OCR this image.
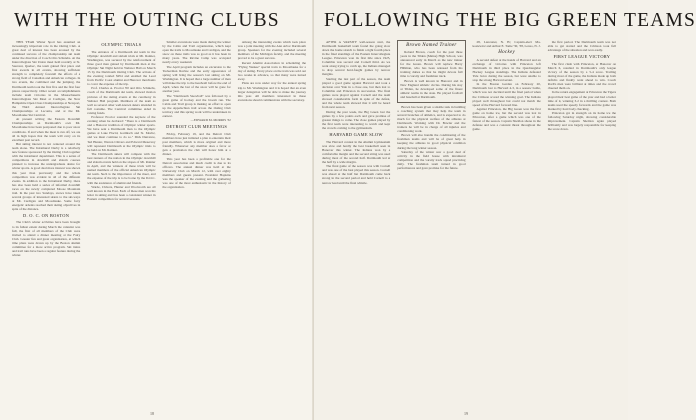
WITH THE OUTING CLUBS

THIS YEAR Winter Sport has assumed an increasingly important role in the Outing Club. A great deal of interest has been aroused by the continued success of the championship ski team under the direction of Coach Otto Schniebs. At the Intercollegiate Ski Union meet held recently at St. Sauveur, Quebec, the team gained first place and first awards in all events, showing sufficient strength to completely forestall the efforts of a strong field of Canadian and American colleges. In two events, the combined and the jumping, the Dartmouth team took the first five and the first four places respectively. Other recent accomplishments include team victories in the Massachusetts Intercollegiate Ski Meet at Cardigan, the New Hampshire Open Class Championships at Newport, the Third Annual Intercollegiate Ski Championships at Laconia, and at the Mt. Moosilauke Ski Carnival.

At present writing the Eastern Downhill Championships on Dartmouth's own Mt. Moosilauke have been postponed due to poor snow conditions. If and when the meet is run off, we are all in high hopes that the team will carry on its excellent past record.

But skiing interest is not centered around the team alone. The Intramural Derby is a relatively new feature sponsored by the Outing Club together with the intramural department. This is a series of competitions in downhill and slalom courses planned to increase the undergraduate desire for winter sports. A good deal more interest was shown this year than previously and the whole competition was evident in all of the different events. In addition to the Intramural Derby, there has also been held a series of informal downhill races on the newly completed Moose Mountain trail. In the past two Sundays, snows have taken several groups of interested skiers to the ski-ways at Mt. Cardigan and Moosilauke. Some forty energetic ardents reached their skiing objectives in spite of the distance.

D. O. C. ON BOSTON

The Club's winter activities have been brought to its fullest extent during March the calendar was full, the first of all members of the Club were invited to attend a dinner meeting at the Fairy Club. Greater fun and great organization, at which time plans were drawn up by the Boston alumni committee for a more active program. Ski trains and trail runs have been a regular feature during the winter.

OLYMPIC TRIALS

The entrance of a Dartmouth ski team in the Olympic downhill and slalom trials at Mt. Rainier, Washington, was secured by the reinforcement of three good men gained by Dartmouth men at the Olympic Ski Night held in Webster Hall on March 15 by the Dartmouth Outing Club. The actions of the evening totaled $954 and enabled the Lead from Pacific Coast alumni and Hanover merchants to cover the expense of the trip.

Prof. Charles A. Proctor '00 and Otto Schniebs, coach of the Dartmouth ski team, showed motion pictures of the skiing events at the ceremony in Webster Hall program. Members of the team as well as several other well-known skiers attended in full costume. The Carnival committee aided in raising funds.

Professor Proctor sounded the keynote of the evening when he declared: "There is a Dartmouth and a Hanover tradition of Olympic winter sports. We have sent a Dartmouth man to the Olympic games at Lake Placid, Garmisch and St. Moritz, and we must continue to do so." Dick Durrance, Ted Hunter, Warren Chivers and Edward Meservey will represent Dartmouth at the Olympic trials to be held on Mt. Rainier.

The Dartmouth skiers will compete with the best runners of the nation in the Olympic downhill and slalom events held on the slopes of Mt. Rainier in April, and the winners of these trials will be named members of the official American Olympic ski team. Such is the importance of the meet, and the expense of the trip is to be borne by the D.O.C. with the assistance of alumni and friends.

Warde, Chivers, Hunter and Woolworth are all well known in the East. Each of these men won his letter in skiing and has been a consistent winner in Eastern competition for several seasons.

Smaller excursions were made during the winter by the Cabin and Trail organization, which kept open the trails to Moosilauke and Cardigan, and the snow on these trails was as good as it has been in many years. The Ravine Camp was occupied nearly every weekend.

The April program includes an excursion to the Tuckerman Ravine and the early appearance of spring will bring the season's last skiing on Mt. Washington. It is hoped that a large number of men will make the trip to the headwall before the end of April, when the last of the snow will be gone for another year.

The "Dartmouth Snowball" was followed by a great game of hockey and the broom run. The Cabin and Trail group is making an effort to open up the Appalachian trail across the Outing Club territory and this spring work will be undertaken in earnest.

—EDWARD M. MORRIS '32
DETROIT CLUB MEETINGS

Friday, February 19, and the Detroit Club members have just initiated a plan to entertain their past members, which is more original and more friendly. Whenever any member does a favor or gets a promotion the club will honor him at a dinner.

This year has been a profitable one for the Detroit association and much credit is due to its officers. The annual dinner was held at the University Club on March 12, with over eighty members and guests present. President Hopkins was the speaker of the evening and the gathering was one of the most enthusiastic in the history of the organization.

Among the interesting events which took place was a joint meeting with the Ann Arbor Dartmouth group. Speakers for the evening included several members of the Michigan faculty, and the meeting proved to be a great success.

Recent Alumni Association in scheduling the "Flying Yankee" special train to Moosilauke for a day of skiing. Every place on the train was sold out two weeks in advance, so that many were turned away.

Plans are now under way for the annual spring trip to Mt. Washington and it is hoped that an even larger delegation will be able to make the journey this year. All members interested in these excursions should communicate with the secretary.

18
FOLLOWING THE BIG GREEN TEAMS

AFTER A VARSITY well-season start, the Dartmouth basketball team found the going slow down the home stretch to finish a tight fourth place in the final standings of the Eastern Intercollegiate League. Princeton won its first title since 1925, Columbia was second and Cornell third. As we went along trying to catch up, the Indians managed to drop several hard-fought games by narrow margins.

Starting the last part of the season, the team played a good game against Harvard and took a decision over Yale in a close one, but then lost to Columbia and Princeton in succession. The final games were played against Cornell and the team showed considerable form in spite of the defeat, and the whole team showed that it will be heard from next season.

During the past week, the Big Green lost the games by a few points each and gave promise of greater things to come. The close games played by the first team were interesting to watch and kept the crowds coming to the gymnasium.

HARVARD GAME SLOW

The Harvard contest in the Alumni Gymnasium was slow and hardly the best basketball seen in Hanover this winter. The Indians won by a comfortable margin and the second string was used during most of the second half. Dartmouth led at the half by a wide margin.

The final game of the season was with Cornell and was one of the best played this season. Cornell was ahead at the half but Dartmouth came back strong in the second period and held Cornell to a narrow lead until the final whistle.

Brown Named Trainer

Roland Brown, coach for the past three years in the Tilden (Maine) High School, was announced early in March as the new trainer for the Green. Brown will replace Harry Hillman, who has been released from his training duties so that he might devote full time to varsity and freshman track.

Brown is well known in Hanover and in New England athletic circles. During his stay at Tilden, he developed some of the finest athletic teams in the state. He played football and baseball at Dartmouth.

Brown has been given a sizable task in building a coaching system that may help the team in several branches of athletics, and is expected to do much for the physical welfare of the athletes at Dartmouth. Working with Dr. Bowler and the trainers he will be in charge of all injuries and conditioning work.

Brown will also handle the conditioning of the freshman teams and will be of great help in keeping the athletes in good physical condition during the long winter season.

Saturday of the winter saw a good deal of activity in the field house with intramural competition and the varsity track squad practicing daily. The freshman team turned in good performances and gave promise for the future.

28, Lancaster, N. H.; Captain-elect Ma- kosiewicz and Arthur E. Tome '30, '38, Lonso, N. J.

Hockey

A second defeat at the hands of Harvard and an exchange of victories with Princeton left Dartmouth in third place in the Quadrangular Hockey League standings. The Indians defeated Yale twice during the season, but were unable to stop the strong Harvard sextet.

In the Boston Garden on February 20, Dartmouth lost to Harvard 4-3, in a seesaw battle, which was not decided until the final period when the Crimson scored the winning goal. The Indians played well throughout but could not match the speed of the Harvard forward line.

Against Princeton, the Big Green won the first game on home ice, but the second was lost in Princeton, after a game which was one of the fastest of the season. Captain Sheldon shone in the defense and was a constant threat throughout the game.

the first period. The Dartmouth team was not able to get started and the Crimson took full advantage of the situation and won easily.

FIRST LEAGUE VICTORY

The first clash with Princeton, at Hanover on March 6, resulted in Dartmouth's only league victory of the season by a 5-4 score. Trailing during most of the game, the Indians made up both deficits and finally went ahead to win. Coach Rorh's men were brilliant at times and the crowd cheered them on.

In the return engagement at Princeton the Tigers played their best game of the year and had a better time of it, winning 3-2 in a thrilling contest. Both teams used the speedy forwards and the game was marked by hard body checking.

Princeton got in strength on its home ice the following Saturday night, showing considerable improvement. Captain Sheldon again played brilliantly and was largely responsible for keeping the score down.

19
